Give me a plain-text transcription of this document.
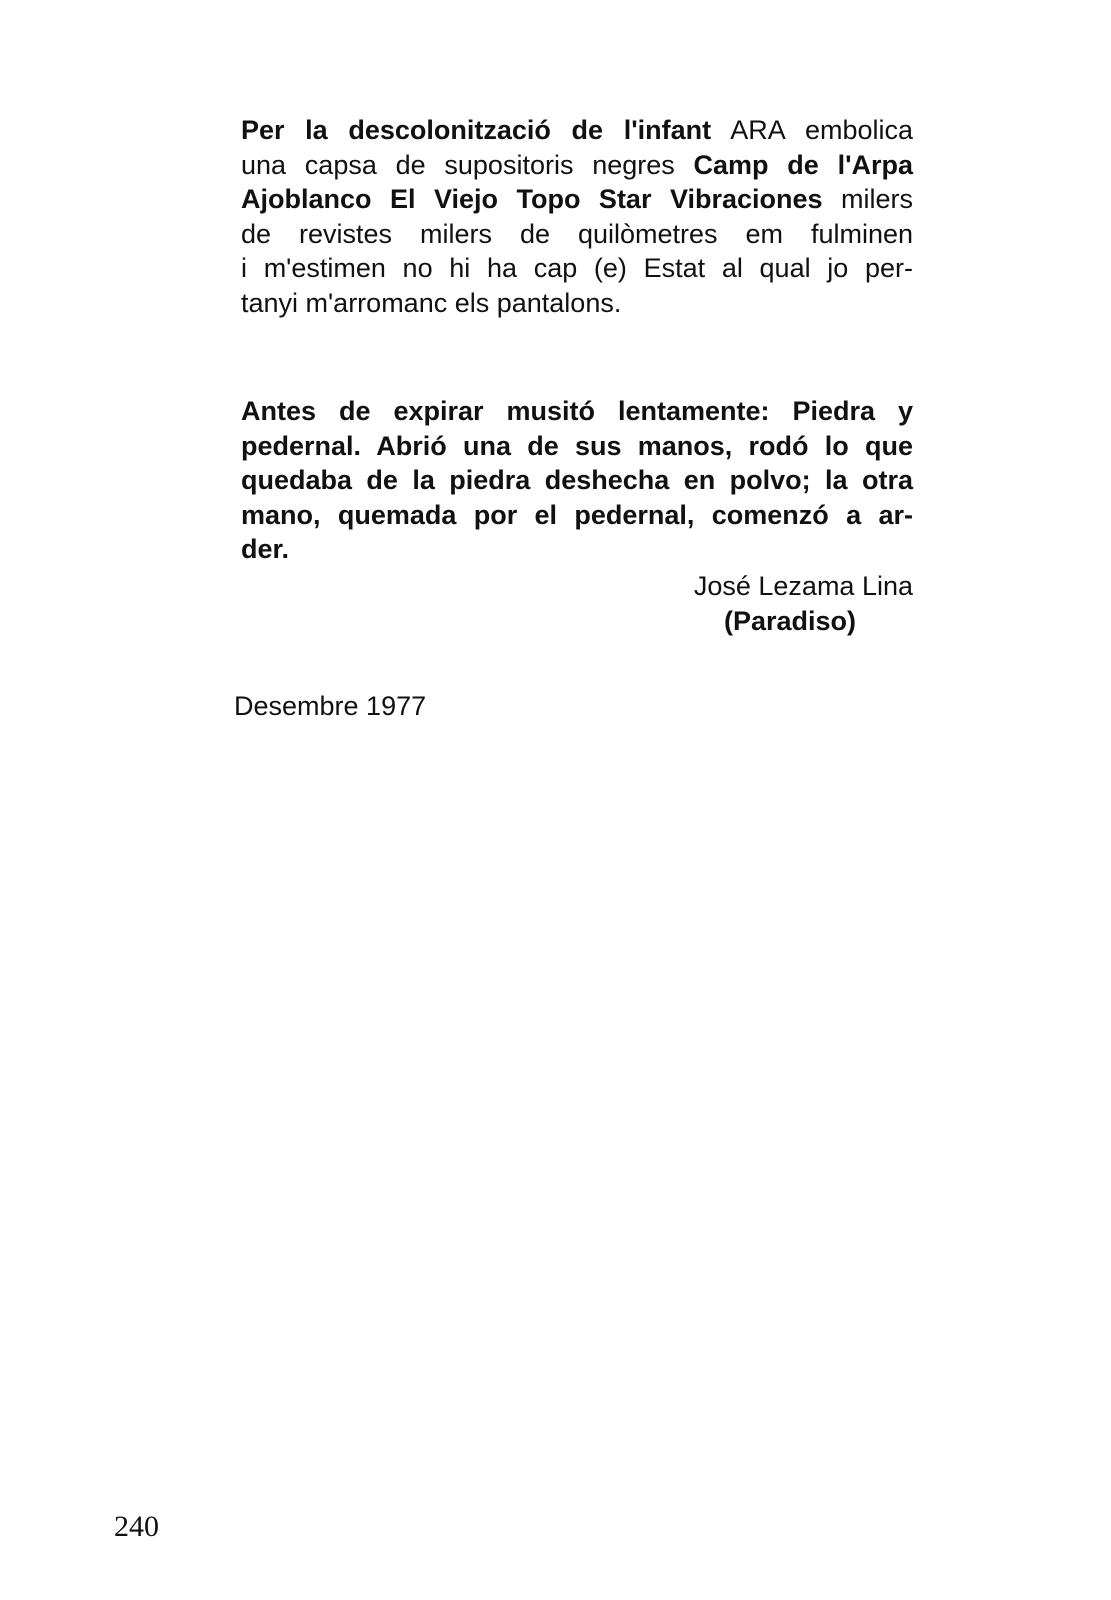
Per la descolonització de l'infant ARA embolica
una capsa de supositoris negres Camp de l'Arpa
Ajoblanco El Viejo Topo Star Vibraciones milers
de revistes milers de quilòmetres em fulminen
i m'estimen no hi ha cap (e) Estat al qual jo per-
tanyi m'arromanc els pantalons.
Antes de expirar musitó lentamente: Piedra y
pedernal. Abrió una de sus manos, rodó lo que
quedaba de la piedra deshecha en polvo; la otra
mano, quemada por el pedernal, comenzó a ar-
der.
José Lezama Lina
(Paradiso)
Desembre 1977
240
